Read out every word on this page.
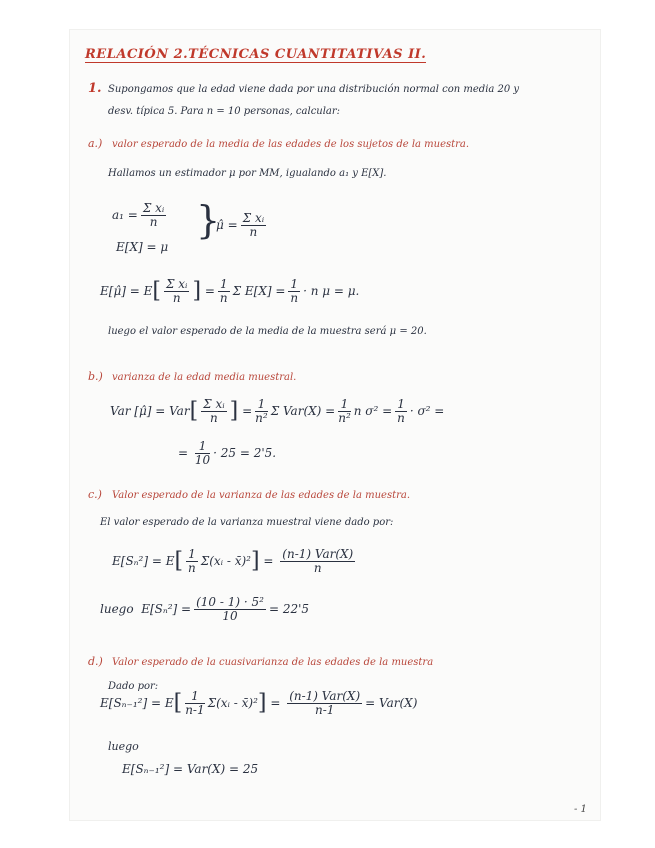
RELACIÓN 2.TÉCNICAS CUANTITATIVAS II.
1. Supongamos que la edad viene dada por una distribución normal con media 20 y
desv. típica 5. Para n = 10 personas, calcular:
a.) valor esperado de la media de las edades de los sujetos de la muestra.
Hallamos un estimador μ por MM, igualando a₁ y E[X].
$a_1 = \frac{\text{Σ xᵢ}}{n}$
E[X] = μ
}
μ̂ = $\frac{\text{Σ xᵢ}}{n}$
E[μ̂] = $E[ \frac{\text{Σ xᵢ}}{n}$ ] = $\frac{1}{n}$ Σ $E[X] = \frac{1}{n} \cdot n$ μ = μ.
luego el valor esperado de la media de la muestra será μ = 20.
b.) varianza de la edad media muestral.
Var [μ̂] = $Var[ \frac{\text{Σ xᵢ}}{n}$ ] = $\frac{1}{\text{n²}}$ Σ $Var(X) = \frac{1}{\text{n²}}$ n $\sigma^2 = \frac{1}{n} \cdot \sigma^2$ =
= $\frac{1}{10} \cdot 25 = 2'5$.
c.) Valor esperado de la varianza de las edades de la muestra.
El valor esperado de la varianza muestral viene dado por:
$E[S_n^2] = E[ \frac{1}{n}$ Σ(xᵢ - x̄)²] = $\frac{\text{(n-1) Var(X)}}{n}$
luego $E[S_n^2] = \frac{\text{(10 - 1) · 5²}}{10} = 22'5$
d.) Valor esperado de la cuasivarianza de las edades de la muestra
Dado por:
$E[S_{n-1}^2] = E[ \frac{1}{n-1}$ Σ(xᵢ - x̄)²] = $\frac{\text{(n-1) Var(X)}}{n-1} = Var(X)$
luego
E[Sₙ₋₁²] = Var(X) = 25
- 1
